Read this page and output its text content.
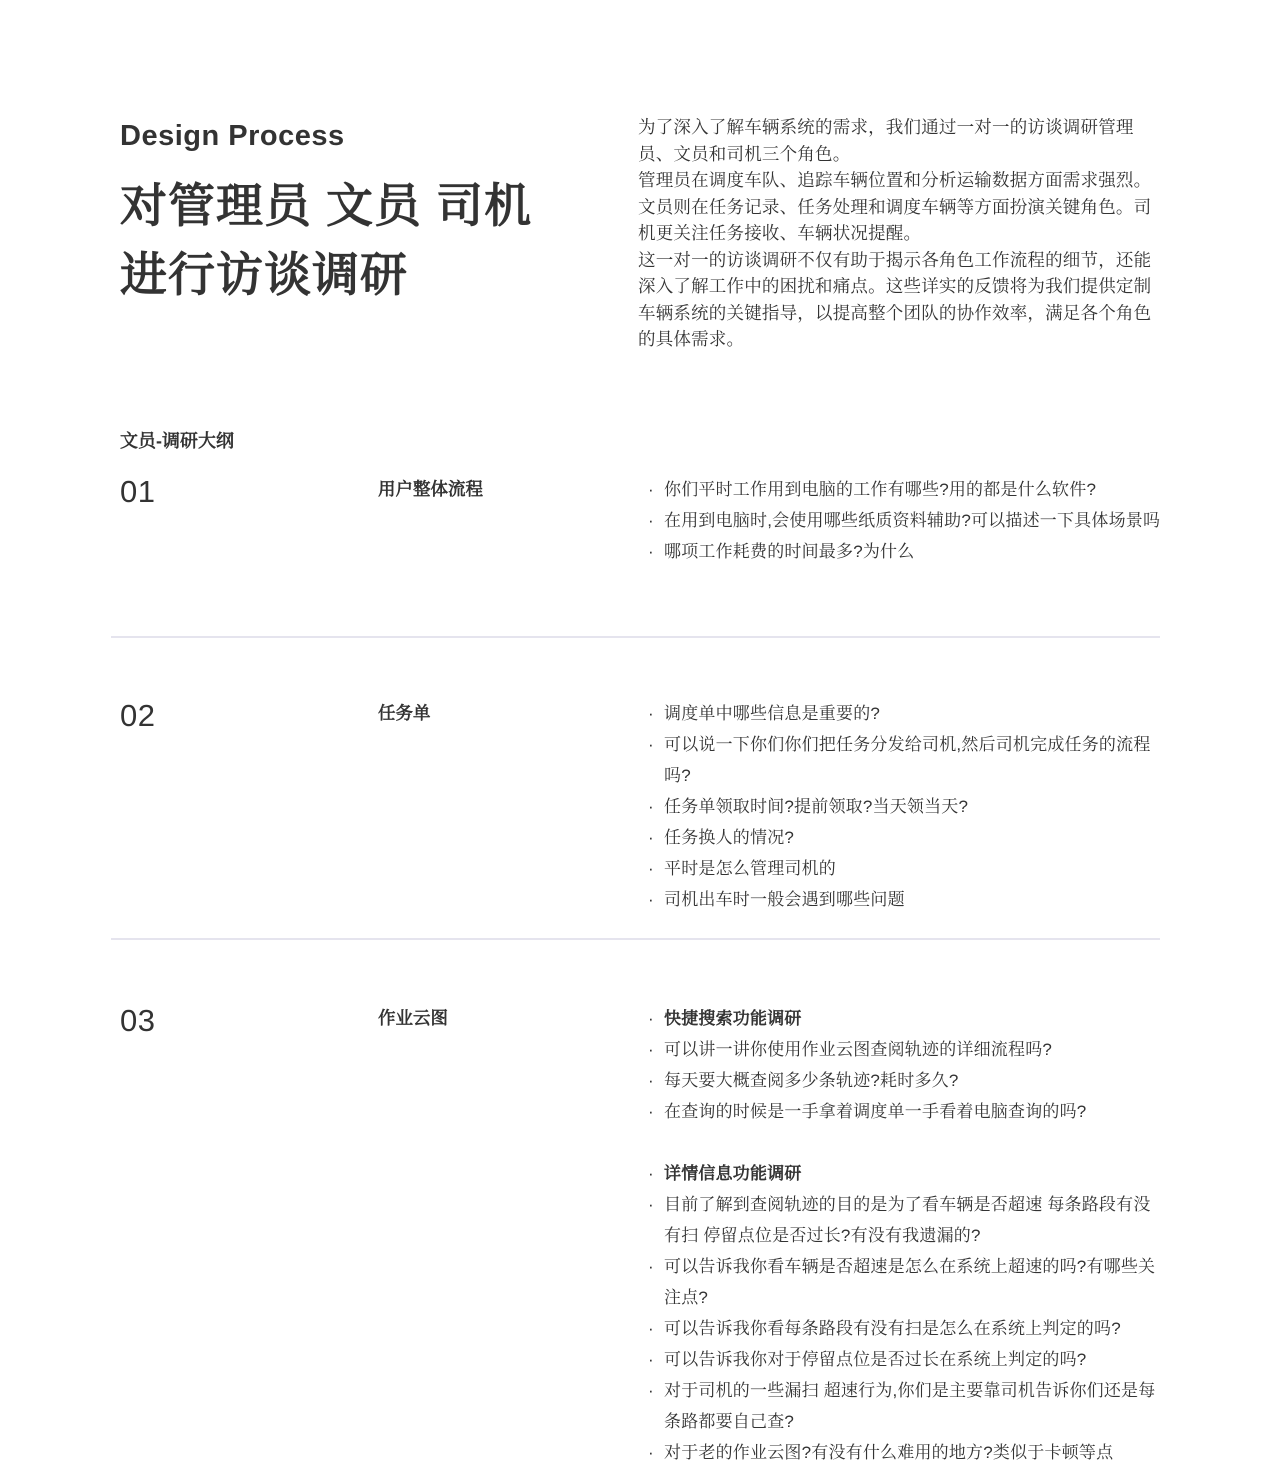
Design Process
对管理员 文员 司机
进行访谈调研

为了深入了解车辆系统的需求，我们通过一对一的访谈调研管理员、文员和司机三个角色。

管理员在调度车队、追踪车辆位置和分析运输数据方面需求强烈。 文员则在任务记录、任务处理和调度车辆等方面扮演关键角色。司机更关注任务接收、车辆状况提醒。

这一对一的访谈调研不仅有助于揭示各角色工作流程的细节，还能深入了解工作中的困扰和痛点。这些详实的反馈将为我们提供定制车辆系统的关键指导，以提高整个团队的协作效率，满足各个角色的具体需求。

文员-调研大纲
01	用户整体流程	· 你们平时工作用到电脑的工作有哪些?用的都是什么软件?
· 在用到电脑时,会使用哪些纸质资料辅助?可以描述一下具体场景吗
· 哪项工作耗费的时间最多?为什么
02	任务单	· 调度单中哪些信息是重要的?
· 可以说一下你们你们把任务分发给司机,然后司机完成任务的流程吗?
· 任务单领取时间?提前领取?当天领当天?
· 任务换人的情况?
· 平时是怎么管理司机的
· 司机出车时一般会遇到哪些问题
03	作业云图	· 快捷搜索功能调研
· 可以讲一讲你使用作业云图查阅轨迹的详细流程吗?
· 每天要大概查阅多少条轨迹?耗时多久?
· 在查询的时候是一手拿着调度单一手看着电脑查询的吗?
· 详情信息功能调研
· 目前了解到查阅轨迹的目的是为了看车辆是否超速 每条路段有没有扫 停留点位是否过长?有没有我遗漏的?
· 可以告诉我你看车辆是否超速是怎么在系统上超速的吗?有哪些关注点?
· 可以告诉我你看每条路段有没有扫是怎么在系统上判定的吗?
· 可以告诉我你对于停留点位是否过长在系统上判定的吗?
· 对于司机的一些漏扫 超速行为,你们是主要靠司机告诉你们还是每条路都要自己查?
· 对于老的作业云图?有没有什么难用的地方?类似于卡顿等点
